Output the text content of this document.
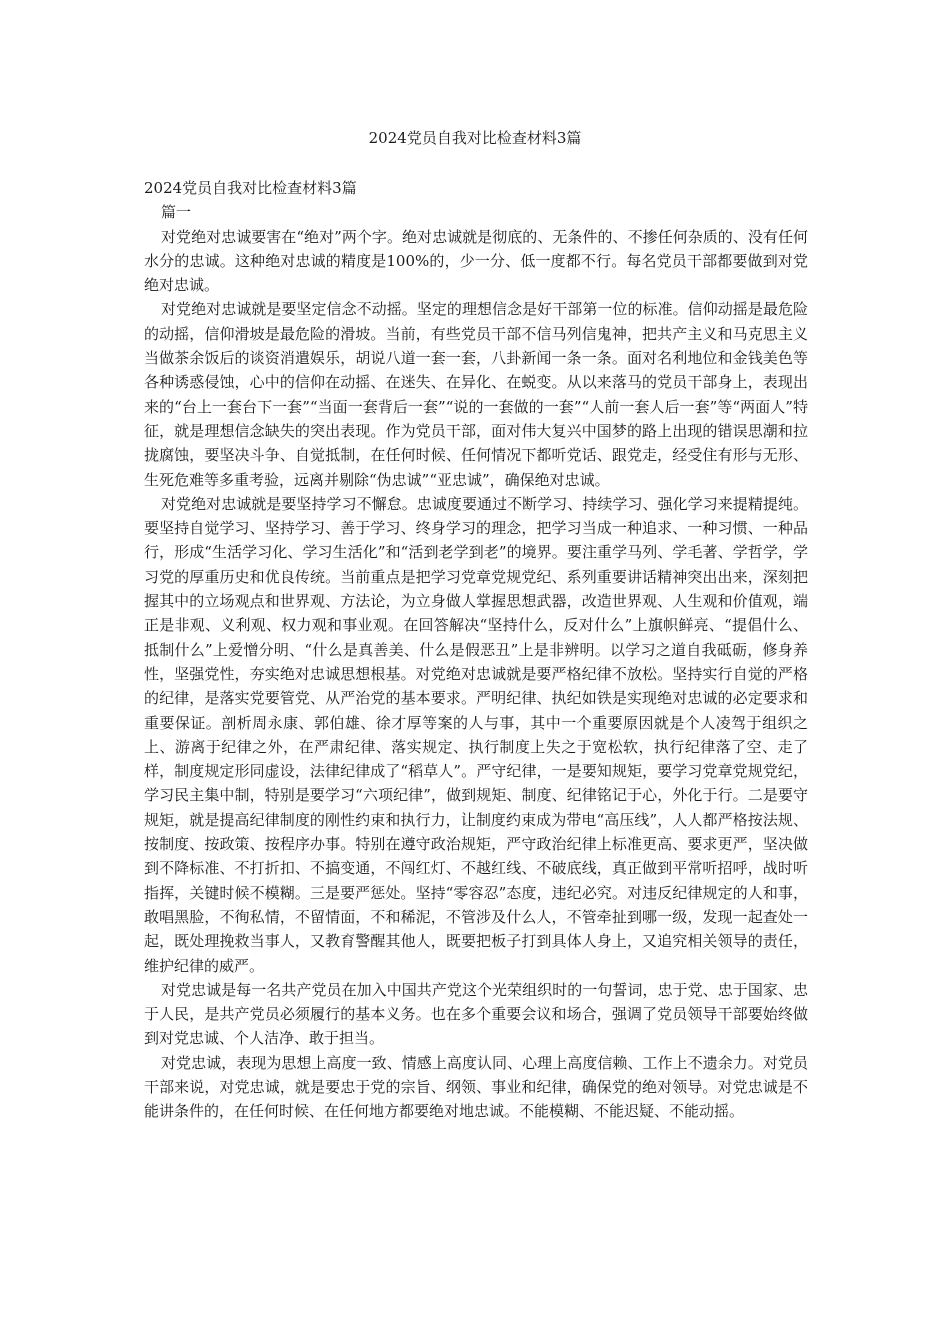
2024党员自我对比检查材料3篇

2024党员自我对比检查材料3篇

篇一

对党绝对忠诚要害在“绝对”两个字。绝对忠诚就是彻底的、无条件的、不掺任何杂质的、没有任何水分的忠诚。这种绝对忠诚的精度是100%的，少一分、低一度都不行。每名党员干部都要做到对党绝对忠诚。

对党绝对忠诚就是要坚定信念不动摇。坚定的理想信念是好干部第一位的标准。信仰动摇是最危险的动摇，信仰滑坡是最危险的滑坡。当前，有些党员干部不信马列信鬼神，把共产主义和马克思主义当做茶余饭后的谈资消遣娱乐，胡说八道一套一套，八卦新闻一条一条。面对名利地位和金钱美色等各种诱惑侵蚀，心中的信仰在动摇、在迷失、在异化、在蜕变。从以来落马的党员干部身上，表现出来的“台上一套台下一套”“当面一套背后一套”“说的一套做的一套”“人前一套人后一套”等“两面人”特征，就是理想信念缺失的突出表现。作为党员干部，面对伟大复兴中国梦的路上出现的错误思潮和拉拢腐蚀，要坚决斗争、自觉抵制，在任何时候、任何情况下都听党话、跟党走，经受住有形与无形、生死危难等多重考验，远离并剔除“伪忠诚”“亚忠诚”，确保绝对忠诚。

对党绝对忠诚就是要坚持学习不懈怠。忠诚度要通过不断学习、持续学习、强化学习来提精提纯。要坚持自觉学习、坚持学习、善于学习、终身学习的理念，把学习当成一种追求、一种习惯、一种品行，形成“生活学习化、学习生活化”和“活到老学到老”的境界。要注重学马列、学毛著、学哲学，学习党的厚重历史和优良传统。当前重点是把学习党章党规党纪、系列重要讲话精神突出出来，深刻把握其中的立场观点和世界观、方法论，为立身做人掌握思想武器，改造世界观、人生观和价值观，端正是非观、义利观、权力观和事业观。在回答解决“坚持什么，反对什么”上旗帜鲜亮、“提倡什么、抵制什么”上爱憎分明、“什么是真善美、什么是假恶丑”上是非辨明。以学习之道自我砥砺，修身养性，坚强党性，夯实绝对忠诚思想根基。对党绝对忠诚就是要严格纪律不放松。坚持实行自觉的严格的纪律，是落实党要管党、从严治党的基本要求。严明纪律、执纪如铁是实现绝对忠诚的必定要求和重要保证。剖析周永康、郭伯雄、徐才厚等案的人与事，其中一个重要原因就是个人凌驾于组织之上、游离于纪律之外，在严肃纪律、落实规定、执行制度上失之于宽松软，执行纪律落了空、走了样，制度规定形同虚设，法律纪律成了“稻草人”。严守纪律，一是要知规矩，要学习党章党规党纪，学习民主集中制，特别是要学习“六项纪律”，做到规矩、制度、纪律铭记于心，外化于行。二是要守规矩，就是提高纪律制度的刚性约束和执行力，让制度约束成为带电“高压线”，人人都严格按法规、按制度、按政策、按程序办事。特别在遵守政治规矩，严守政治纪律上标准更高、要求更严，坚决做到不降标准、不打折扣、不搞变通，不闯红灯、不越红线、不破底线，真正做到平常听招呼，战时听指挥，关键时候不模糊。三是要严惩处。坚持“零容忍”态度，违纪必究。对违反纪律规定的人和事，敢唱黑脸，不徇私情，不留情面，不和稀泥，不管涉及什么人，不管牵扯到哪一级，发现一起查处一起，既处理挽救当事人，又教育警醒其他人，既要把板子打到具体人身上，又追究相关领导的责任，维护纪律的威严。

对党忠诚是每一名共产党员在加入中国共产党这个光荣组织时的一句誓词，忠于党、忠于国家、忠于人民，是共产党员必须履行的基本义务。也在多个重要会议和场合，强调了党员领导干部要始终做到对党忠诚、个人洁净、敢于担当。

对党忠诚，表现为思想上高度一致、情感上高度认同、心理上高度信赖、工作上不遗余力。对党员干部来说，对党忠诚，就是要忠于党的宗旨、纲领、事业和纪律，确保党的绝对领导。对党忠诚是不能讲条件的，在任何时候、在任何地方都要绝对地忠诚。不能模糊、不能迟疑、不能动摇。
